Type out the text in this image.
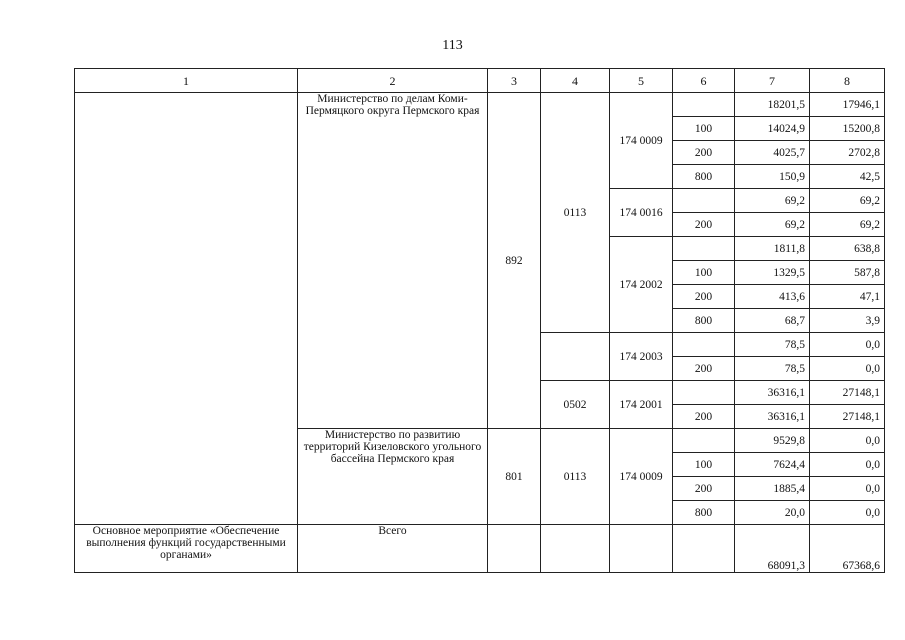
113
1	2	3	4	5	6	7	8
	Министерство по делам Коми-Пермяцкого округа Пермского края	892	0113	174 0009		18201,5	17946,1
					100	14024,9	15200,8
					200	4025,7	2702,8
					800	150,9	42,5
				174 0016		69,2	69,2
					200	69,2	69,2
				174 2002		1811,8	638,8
					100	1329,5	587,8
					200	413,6	47,1
					800	68,7	3,9
				174 2003		78,5	0,0
					200	78,5	0,0
			0502	174 2001		36316,1	27148,1
					200	36316,1	27148,1
	Министерство по развитию территорий Кизеловского угольного бассейна Пермского края	801	0113	174 0009		9529,8	0,0
					100	7624,4	0,0
					200	1885,4	0,0
					800	20,0	0,0
Основное мероприятие «Обеспечение выполнения функций государственными органами»	Всего					68091,3	67368,6
